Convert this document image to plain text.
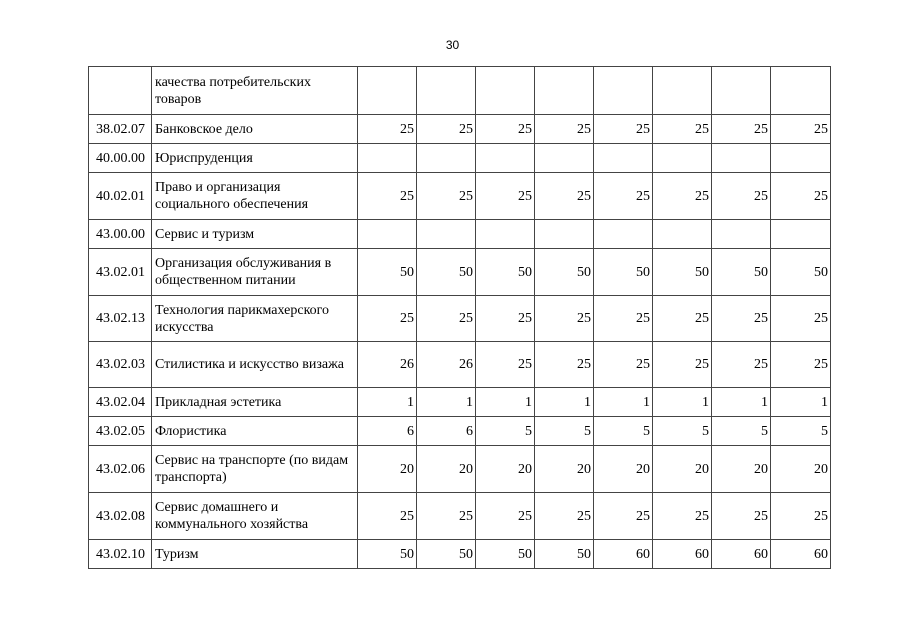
30
	качества потребительских товаров								
38.02.07	Банковское дело	25	25	25	25	25	25	25	25
40.00.00	Юриспруденция								
40.02.01	Право и организация социального обеспечения	25	25	25	25	25	25	25	25
43.00.00	Сервис и туризм								
43.02.01	Организация обслуживания в общественном питании	50	50	50	50	50	50	50	50
43.02.13	Технология парикмахерского искусства	25	25	25	25	25	25	25	25
43.02.03	Стилистика и искусство визажа	26	26	25	25	25	25	25	25
43.02.04	Прикладная эстетика	1	1	1	1	1	1	1	1
43.02.05	Флористика	6	6	5	5	5	5	5	5
43.02.06	Сервис на транспорте (по видам транспорта)	20	20	20	20	20	20	20	20
43.02.08	Сервис домашнего и коммунального хозяйства	25	25	25	25	25	25	25	25
43.02.10	Туризм	50	50	50	50	60	60	60	60
